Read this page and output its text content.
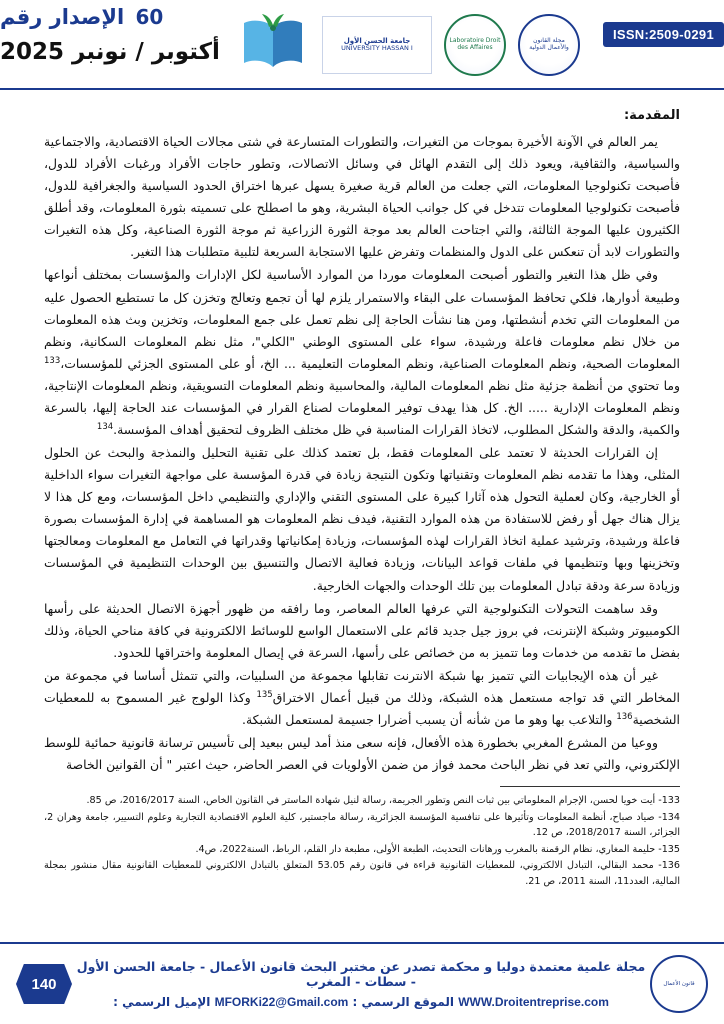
ISSN:2509-0291
مجلة القانون والأعمال الدولية
Laboratoire Droit des Affaires
جامعة الحسن الأول
UNIVERSITY HASSAN I
60 الإصدار رقم
أكتوبر / نونبر 2025
المقدمة:

يمر العالم في الآونة الأخيرة بموجات من التغيرات، والتطورات المتسارعة في شتى مجالات الحياة الاقتصادية، والاجتماعية والسياسية، والثقافية، ويعود ذلك إلى التقدم الهائل في وسائل الاتصالات، وتطور حاجات الأفراد ورغبات الأفراد للدول، فأصبحت تكنولوجيا المعلومات، التي جعلت من العالم قرية صغيرة يسهل عبرها اختراق الحدود السياسية والجغرافية للدول، فأصبحت تكنولوجيا المعلومات تتدخل في كل جوانب الحياة البشرية، وهو ما اصطلح على تسميته بثورة المعلومات، وقد أطلق الكثيرون عليها الموجة الثالثة، والتي اجتاحت العالم بعد موجة الثورة الزراعية ثم موجة الثورة الصناعية، وكل هذه التغيرات والتطورات لابد أن تنعكس على الدول والمنظمات وتفرض عليها الاستجابة السريعة لتلبية متطلبات هذا التغير.

وفي ظل هذا التغير والتطور أصبحت المعلومات موردا من الموارد الأساسية لكل الإدارات والمؤسسات بمختلف أنواعها وطبيعة أدوارها، فلكي تحافظ المؤسسات على البقاء والاستمرار يلزم لها أن تجمع وتعالج وتخزن كل ما تستطيع الحصول عليه من المعلومات التي تخدم أنشطتها، ومن هنا نشأت الحاجة إلى نظم تعمل على جمع المعلومات، وتخزين وبث هذه المعلومات من خلال نظم معلومات فاعلة ورشيدة، سواء على المستوى الوطني "الكلي"، مثل نظم المعلومات السكانية، ونظم المعلومات الصحية، ونظم المعلومات الصناعية، ونظم المعلومات التعليمية ... الخ، أو على المستوى الجزئي للمؤسسات،$^{133}$ وما تحتوي من أنظمة جزئية مثل نظم المعلومات المالية، والمحاسبية ونظم المعلومات التسويقية، ونظم المعلومات الإنتاجية، ونظم المعلومات الإدارية ..... الخ. كل هذا يهدف توفير المعلومات لصناع القرار في المؤسسات عند الحاجة إليها، بالسرعة والكمية، والدقة والشكل المطلوب، لاتخاذ القرارات المناسبة في ظل مختلف الظروف لتحقيق أهداف المؤسسة.$^{134}$

إن القرارات الحديثة لا تعتمد على المعلومات فقط، بل تعتمد كذلك على تقنية التحليل والنمذجة والبحث عن الحلول المثلى، وهذا ما تقدمه نظم المعلومات وتقنياتها وتكون النتيجة زيادة في قدرة المؤسسة على مواجهة التغيرات سواء الداخلية أو الخارجية، وكان لعملية التحول هذه آثارا كبيرة على المستوى التقني والإداري والتنظيمي داخل المؤسسات، ومع كل هذا لا يزال هناك جهل أو رفض للاستفادة من هذه الموارد التقنية، فيدف نظم المعلومات هو المساهمة في إدارة المؤسسات بصورة فاعلة ورشيدة، وترشيد عملية اتخاذ القرارات لهذه المؤسسات، وزيادة إمكانياتها وقدراتها في التعامل مع المعلومات ومعالجتها وتخزينها وبها وتنظيمها في ملفات قواعد البيانات، وزيادة فعالية الاتصال والتنسيق بين الوحدات التنظيمية في المؤسسات وزيادة سرعة ودقة تبادل المعلومات بين تلك الوحدات والجهات الخارجية.

وقد ساهمت التحولات التكنولوجية التي عرفها العالم المعاصر، وما رافقه من ظهور أجهزة الاتصال الحديثة على رأسها الكومبيوتر وشبكة الإنترنت، في بروز جيل جديد قائم على الاستعمال الواسع للوسائط الالكترونية في كافة مناحي الحياة، وذلك بفضل ما تقدمه من خدمات وما تتميز به من خصائص على رأسها، السرعة في إيصال المعلومة واختراقها للحدود.

غير أن هذه الإيجابيات التي تتميز بها شبكة الانترنت تقابلها مجموعة من السلبيات، والتي تتمثل أساسا في مجموعة من المخاطر التي قد تواجه مستعمل هذه الشبكة، وذلك من قبيل أعمال الاختراق$^{135}$ وكذا الولوج غير المسموح به للمعطيات الشخصية$^{136}$ والتلاعب بها وهو ما من شأنه أن يسبب أضرارا جسيمة لمستعمل الشبكة.

ووعيا من المشرع المغربي بخطورة هذه الأفعال، فإنه سعى منذ أمد ليس ببعيد إلى تأسيس ترسانة قانونية حمائية للوسط الإلكتروني، والتي تعد في نظر الباحث محمد فواز من ضمن الأولويات في العصر الحاضر، حيث اعتبر " أن القوانين الخاصة

133- أيت خويا لحسن، الإجرام المعلوماتي بين ثبات النص وتطور الجريمة، رسالة لنيل شهادة الماستر في القانون الخاص، السنة 2016/2017، ص 85.

134- صياد صباح، أنظمة المعلومات وتأثيرها على تنافسية المؤسسة الجزائرية، رسالة ماجستير، كلية العلوم الاقتصادية التجارية وعلوم التسيير، جامعة وهران 2، الجزائر، السنة 2018/2017، ص 12.

135- حليمة المغاري، نظام الرقمنة بالمغرب ورهانات التحديث، الطبعة الأولى، مطبعة دار القلم، الرباط، السنة2022، ص4.

136- محمد البقالي، التبادل الالكتروني، للمعطيات القانونية قراءة في قانون رقم 53.05 المتعلق بالتبادل الالكتروني للمعطيات القانونية مقال منشور بمجلة المالية، العدد11، السنة 2011، ص 21.

قانون الأعمال
مجلة علمية معتمدة دوليا و محكمة تصدر عن مختبر البحث قانون الأعمال - جامعة الحسن الأول - سطات - المغرب
WWW.Droitentreprise.com الموقع الرسمي : MFORKi22@Gmail.com الإميل الرسمي :
140
